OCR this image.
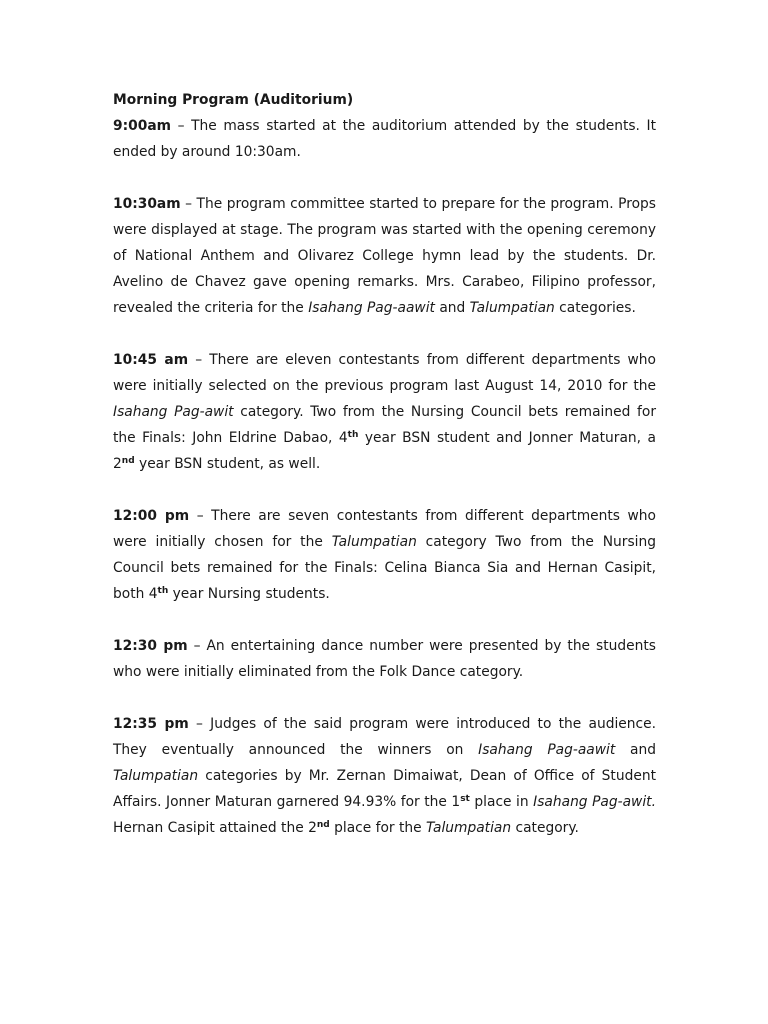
Morning Program (Auditorium)

9:00am – The mass started at the auditorium attended by the students. It ended by around 10:30am.

10:30am – The program committee started to prepare for the program. Props were displayed at stage. The program was started with the opening ceremony of National Anthem and Olivarez College hymn lead by the students. Dr. Avelino de Chavez gave opening remarks. Mrs. Carabeo, Filipino professor, revealed the criteria for the Isahang Pag-aawit and Talumpatian categories.

10:45 am – There are eleven contestants from different departments who were initially selected on the previous program last August 14, 2010 for the Isahang Pag-awit category. Two from the Nursing Council bets remained for the Finals: John Eldrine Dabao, 4th year BSN student and Jonner Maturan, a 2nd year BSN student, as well.

12:00 pm – There are seven contestants from different departments who were initially chosen for the Talumpatian category Two from the Nursing Council bets remained for the Finals: Celina Bianca Sia and Hernan Casipit, both 4th year Nursing students.

12:30 pm – An entertaining dance number were presented by the students who were initially eliminated from the Folk Dance category.

12:35 pm – Judges of the said program were introduced to the audience. They eventually announced the winners on Isahang Pag-aawit and Talumpatian categories by Mr. Zernan Dimaiwat, Dean of Office of Student Affairs. Jonner Maturan garnered 94.93% for the 1st place in Isahang Pag-awit. Hernan Casipit attained the 2nd place for the Talumpatian category.
